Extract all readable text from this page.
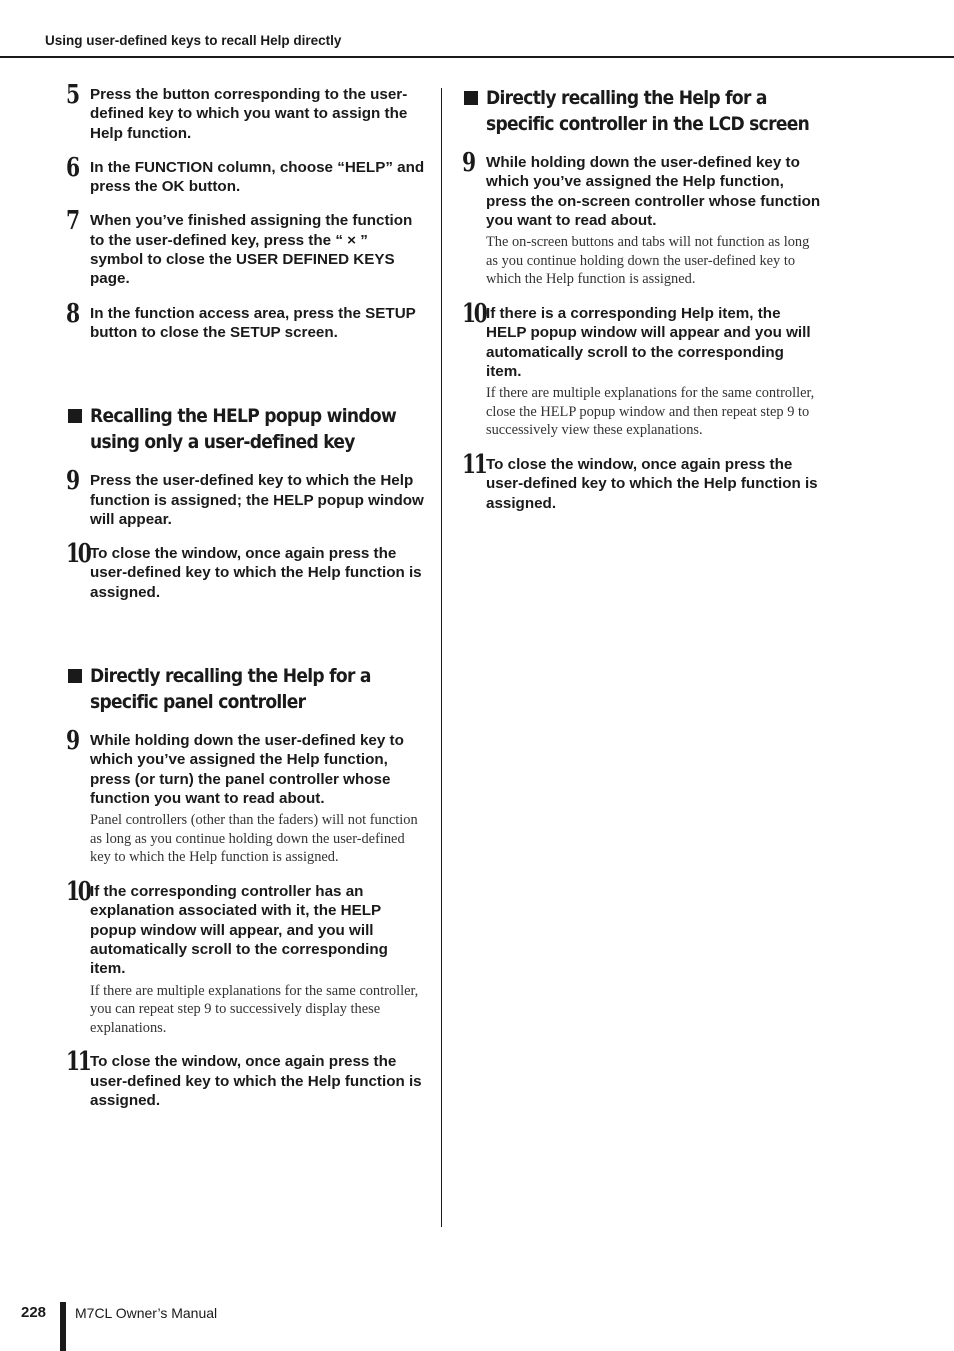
Using user-defined keys to recall Help directly
5 Press the button corresponding to the user-defined key to which you want to assign the Help function.
6 In the FUNCTION column, choose “HELP” and press the OK button.
7 When you’ve finished assigning the function to the user-defined key, press the “ × ” symbol to close the USER DEFINED KEYS page.
8 In the function access area, press the SETUP button to close the SETUP screen.
Recalling the HELP popup window using only a user-defined key
9 Press the user-defined key to which the Help function is assigned; the HELP popup window will appear.
10 To close the window, once again press the user-defined key to which the Help function is assigned.
Directly recalling the Help for a specific panel controller
9 While holding down the user-defined key to which you’ve assigned the Help function, press (or turn) the panel controller whose function you want to read about.
Panel controllers (other than the faders) will not function as long as you continue holding down the user-defined key to which the Help function is assigned.
10 If the corresponding controller has an explanation associated with it, the HELP popup window will appear, and you will automatically scroll to the corresponding item.
If there are multiple explanations for the same controller, you can repeat step 9 to successively display these explanations.
11 To close the window, once again press the user-defined key to which the Help function is assigned.
Directly recalling the Help for a specific controller in the LCD screen
9 While holding down the user-defined key to which you’ve assigned the Help function, press the on-screen controller whose function you want to read about.
The on-screen buttons and tabs will not function as long as you continue holding down the user-defined key to which the Help function is assigned.
10 If there is a corresponding Help item, the HELP popup window will appear and you will automatically scroll to the corresponding item.
If there are multiple explanations for the same controller, close the HELP popup window and then repeat step 9 to successively view these explanations.
11 To close the window, once again press the user-defined key to which the Help function is assigned.
228 M7CL Owner’s Manual
